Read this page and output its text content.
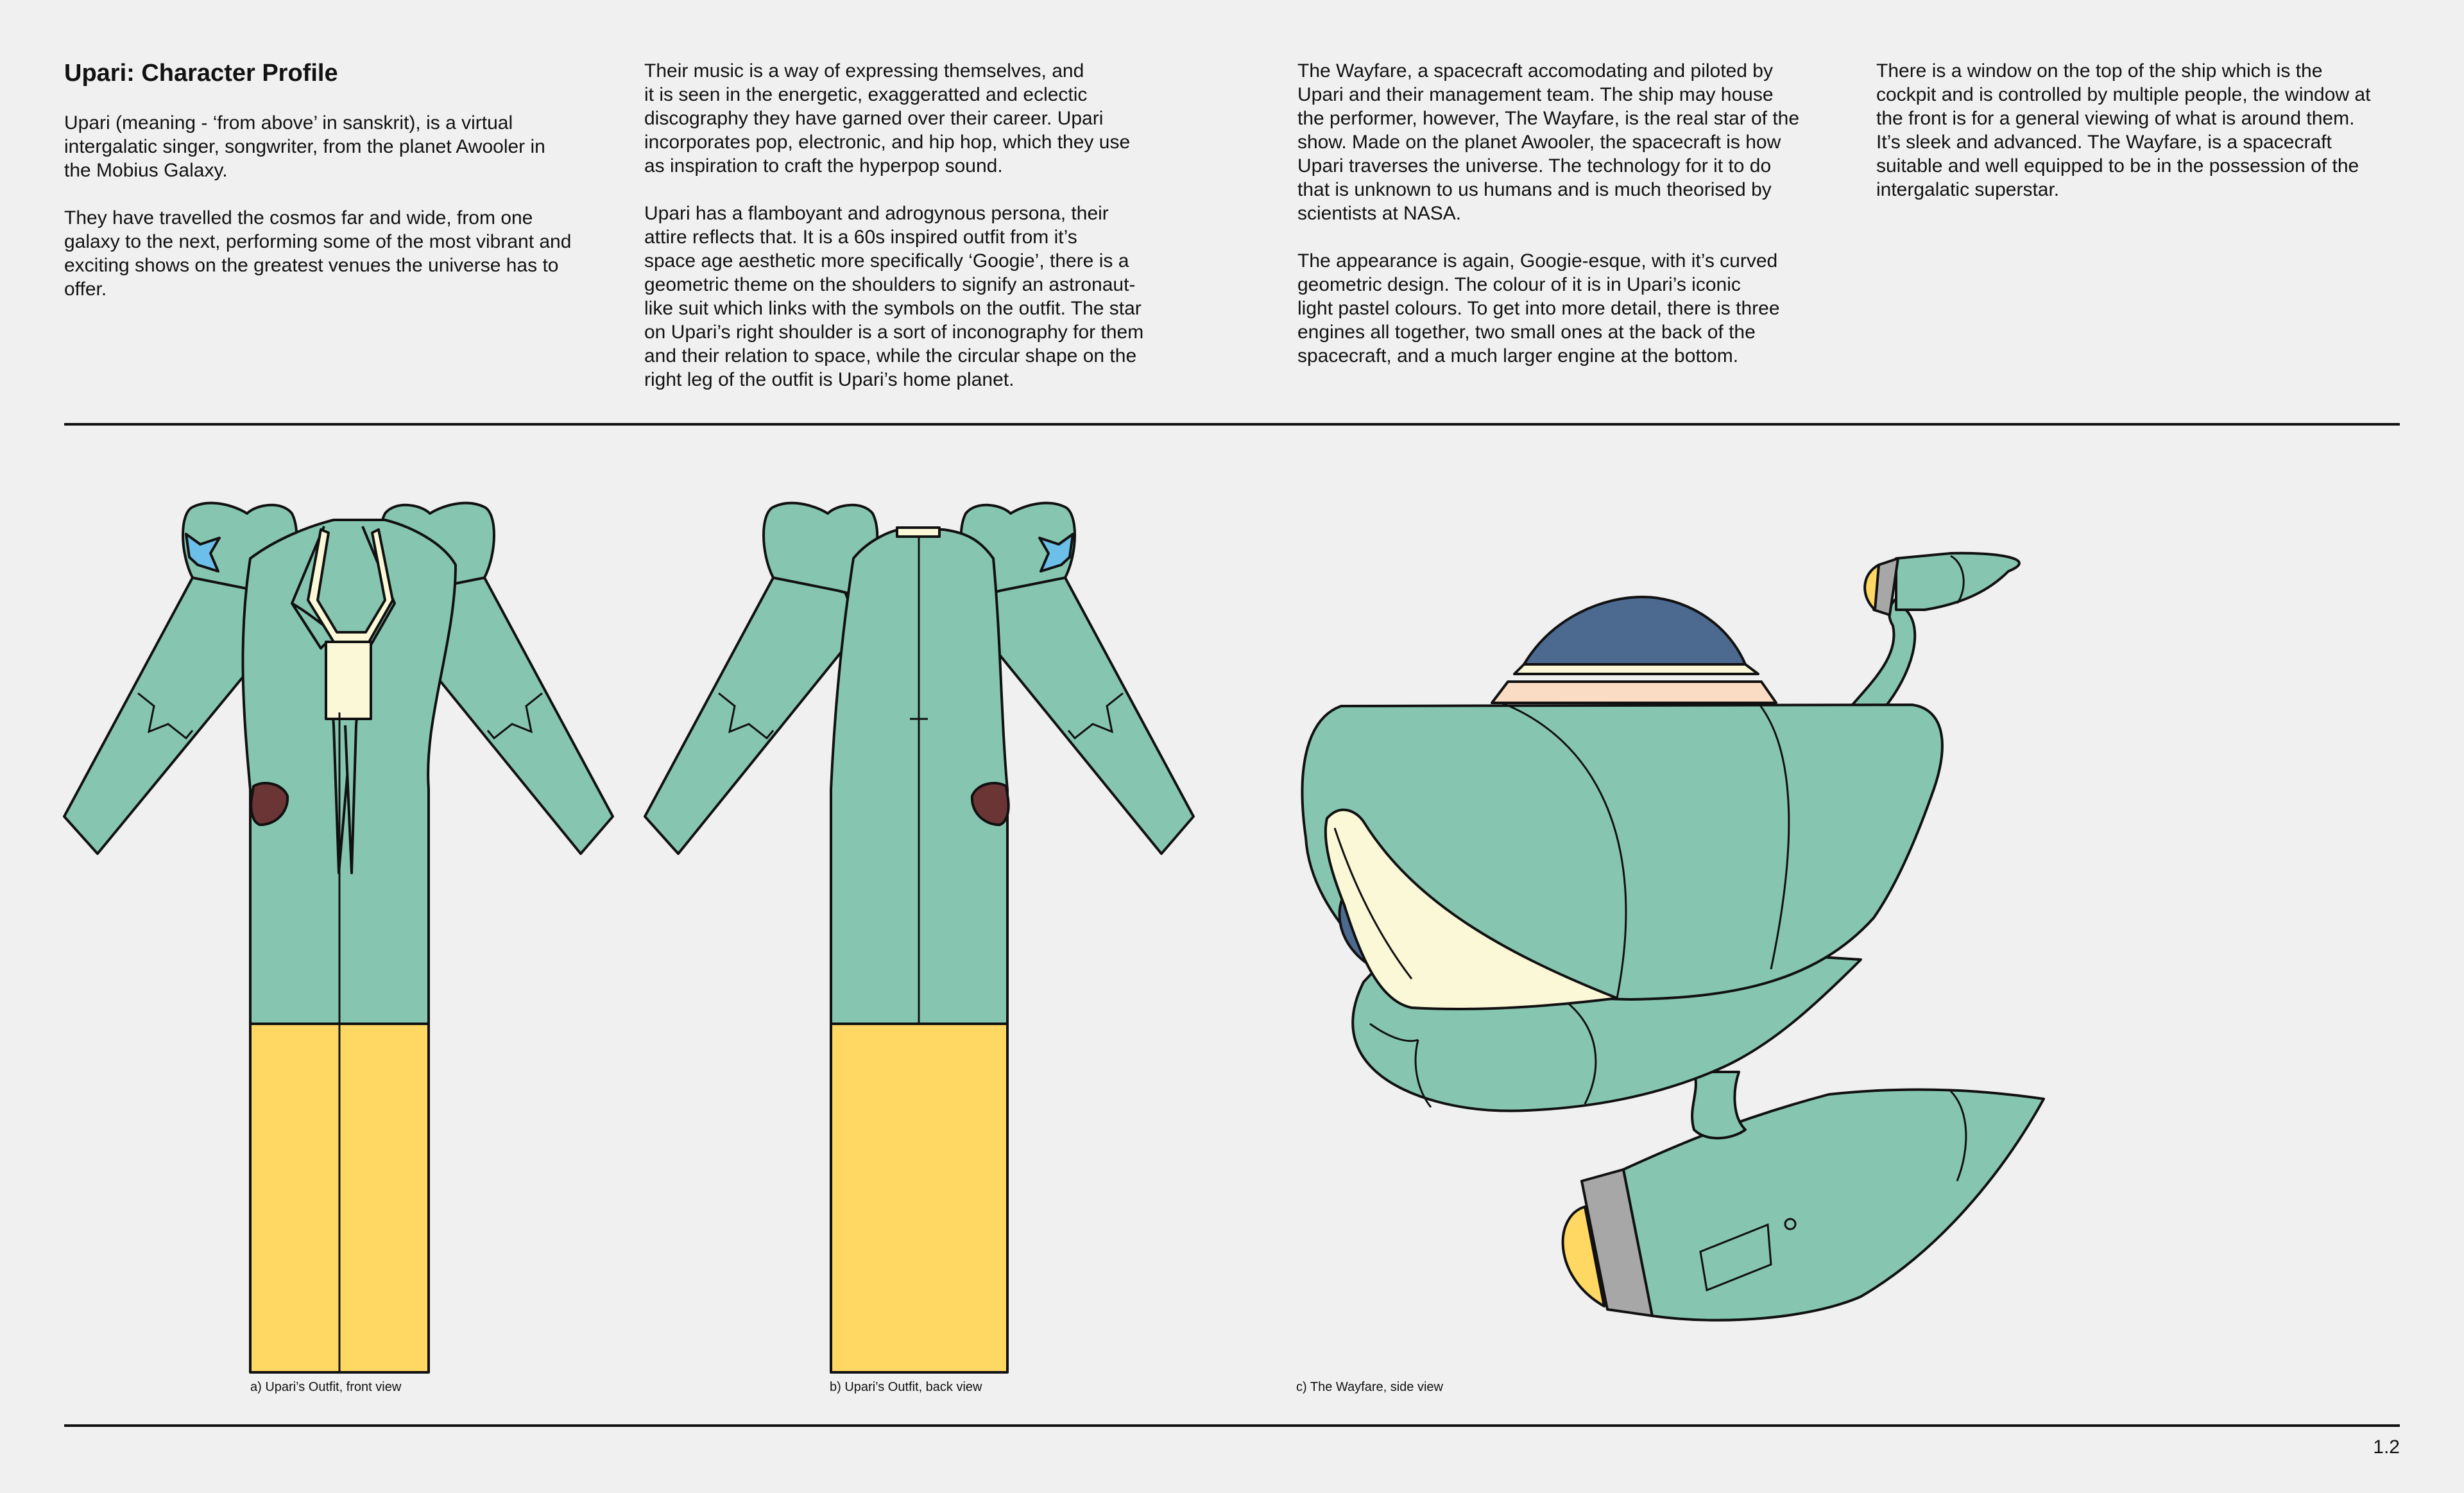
Upari: Character Profile

Upari (meaning - ‘from above’ in sanskrit), is a virtual
intergalatic singer, songwriter, from the planet Awooler in
the Mobius Galaxy.

They have travelled the cosmos far and wide, from one
galaxy to the next, performing some of the most vibrant and
exciting shows on the greatest venues the universe has to
offer.

Their music is a way of expressing themselves, and
it is seen in the energetic, exaggeratted and eclectic
discography they have garned over their career. Upari
incorporates pop, electronic, and hip hop, which they use
as inspiration to craft the hyperpop sound.

Upari has a flamboyant and adrogynous persona, their
attire reflects that. It is a 60s inspired outfit from it’s
space age aesthetic more specifically ‘Googie’, there is a
geometric theme on the shoulders to signify an astronaut-
like suit which links with the symbols on the outfit. The star
on Upari’s right shoulder is a sort of inconography for them
and their relation to space, while the circular shape on the
right leg of the outfit is Upari’s home planet.

The Wayfare, a spacecraft accomodating and piloted by
Upari and their management team. The ship may house
the performer, however, The Wayfare, is the real star of the
show. Made on the planet Awooler, the spacecraft is how
Upari traverses the universe. The technology for it to do
that is unknown to us humans and is much theorised by
scientists at NASA.

The appearance is again, Googie-esque, with it’s curved
geometric design. The colour of it is in Upari’s iconic
light pastel colours. To get into more detail, there is three
engines all together, two small ones at the back of the
spacecraft, and a much larger engine at the bottom.

There is a window on the top of the ship which is the
cockpit and is controlled by multiple people, the window at
the front is for a general viewing of what is around them.
It’s sleek and advanced. The Wayfare, is a spacecraft
suitable and well equipped to be in the possession of the
intergalatic superstar.

a) Upari’s Outfit, front view	b) Upari’s Outfit, back view	c) The Wayfare, side view
1.2
